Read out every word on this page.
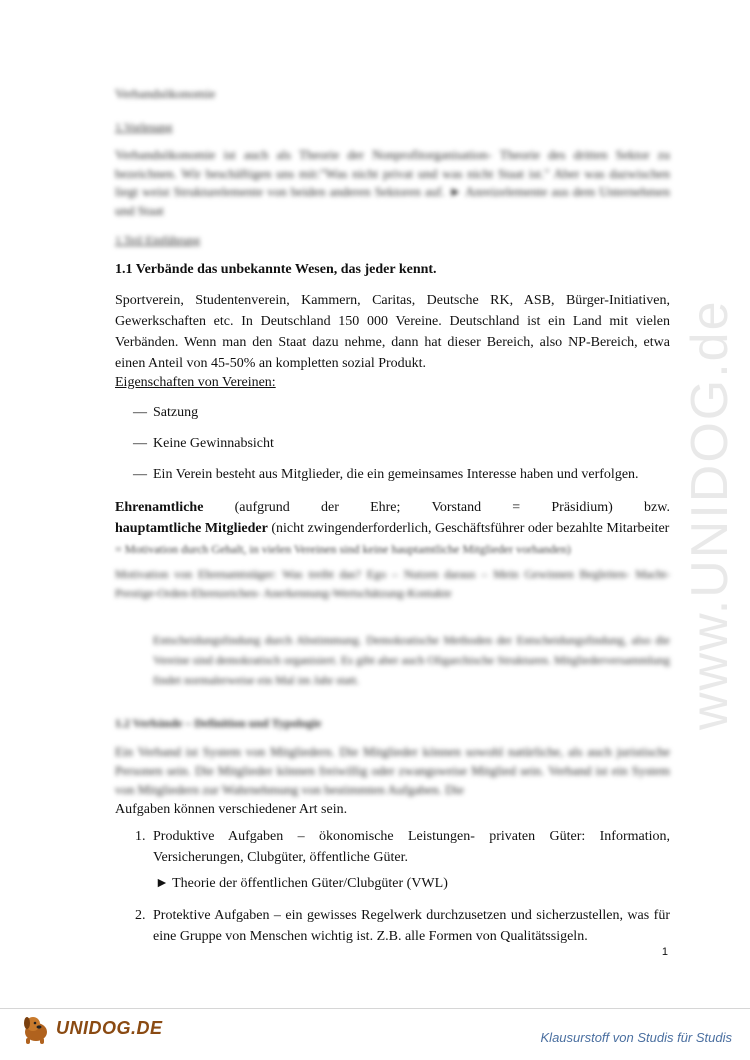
www.UNIDOG.de
Verbandsökonomie
1.Vorlesung
Verbandsökonomie ist auch als Theorie der Nonprofitorganisation- Theorie des dritten Sektor zu bezeichnen. Wir beschäftigen uns mit:"Was nicht privat und was nicht Staat ist." Aber was dazwischen liegt weist Strukturelemente von beiden anderen Sektoren auf. ► Anreizelemente aus dem Unternehmen und Staat
1.Teil Einführung
1.1 Verbände das unbekannte Wesen, das jeder kennt.
Sportverein, Studentenverein, Kammern, Caritas, Deutsche RK, ASB, Bürger-Initiativen, Gewerkschaften etc. In Deutschland 150 000 Vereine. Deutschland ist ein Land mit vielen Verbänden. Wenn man den Staat dazu nehme, dann hat dieser Bereich, also NP-Bereich, etwa einen Anteil von 45-50% an kompletten sozial Produkt.
Eigenschaften von Vereinen:
— Satzung
— Keine Gewinnabsicht
— Ein Verein besteht aus Mitglieder, die ein gemeinsames Interesse haben und verfolgen.
Ehrenamtliche (aufgrund der Ehre; Vorstand = Präsidium) bzw.
hauptamtliche Mitglieder (nicht zwingenderforderlich, Geschäftsführer oder bezahlte Mitarbeiter
= Motivation durch Gehalt, in vielen Vereinen sind keine hauptamtliche Mitglieder vorhanden)
Motivation von Ehrenamtstäger: Was treibt das? Ego – Nutzen daraus – Mein Gewinnen Begleiten- Macht-Prestige-Orden-Ehrenzeichen- Anerkennung-Wertschätzung-Kontakte
Entscheidungsfindung durch Abstimmung. Demokratische Methoden der Entscheidungsfindung, also die Vereine sind demokratisch organisiert. Es gibt aber auch Oligarchische Strukturen. Mitgliederversammlung findet normalerweise ein Mal im Jahr statt.
1.2 Verbände – Definition und Typologie
Ein Verband ist System von Mitgliedern. Die Mitglieder können sowohl natürliche, als auch juristische Personen sein. Die Mitglieder können freiwillig oder zwangsweise Mitglied sein. Verband ist ein System von Mitgliedern zur Wahrnehmung von bestimmten Aufgaben. Die
Aufgaben können verschiedener Art sein.
1. Produktive Aufgaben – ökonomische Leistungen- privaten Güter: Information, Versicherungen, Clubgüter, öffentliche Güter.
► Theorie der öffentlichen Güter/Clubgüter (VWL)
2. Protektive Aufgaben – ein gewisses Regelwerk durchzusetzen und sicherzustellen, was für eine Gruppe von Menschen wichtig ist. Z.B. alle Formen von Qualitätssigeln.
1
UNIDOG.DE	Klausurstoff von Studis für Studis
